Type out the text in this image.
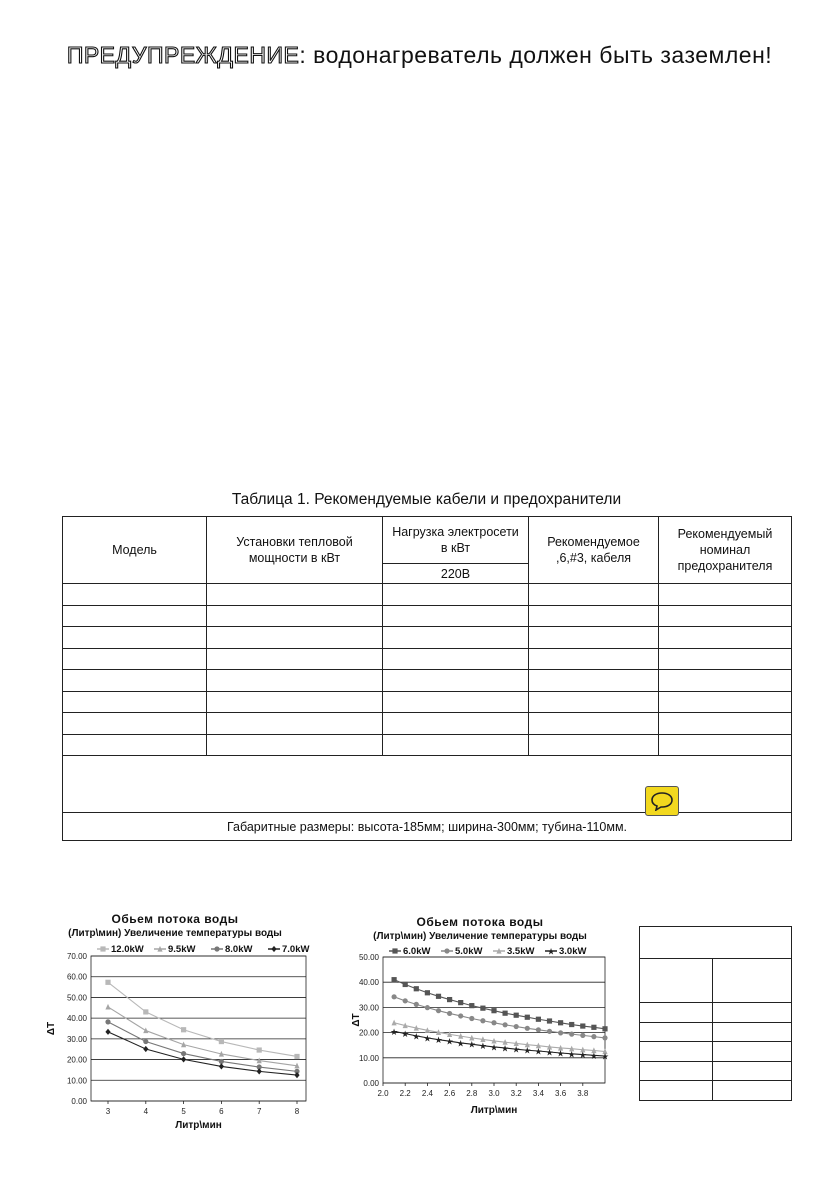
ПРЕДУПРЕЖДЕНИЕ: водонагреватель должен быть заземлен!
Таблица 1. Рекомендуемые кабели и предохранители
Модель	Установки тепловой мощности в кВт	Нагрузка электросети в кВт	Рекомендуемое ,6,#3, кабеля	Рекомендуемый номинал предохранителя

		220В		

Габаритные размеры: высота-185мм; ширина-300мм; тубина-110мм.				
Обьем потока воды
(Литр\мин) Увеличение температуры воды
12.0kW	9.5kW	8.0kW	7.0kW
0.00
10.00
20.00
30.00
40.00
50.00
60.00
70.00
3	4	5	6	7	8
Литр\мин
ΔT
Обьем потока воды
(Литр\мин) Увеличение темпepатуры воды
6.0kW	5.0kW	3.5kW ★ 3.0kW
0.00
10.00
20.00
30.00
40.00
50.00
2.0 2.2 2.4 2.6 2.8 3.0 3.2 3.4 3.6 3.8
Литр\мин
ΔT
★ ★ ★ ★ ★ ★ ★ ★ ★ ★ ★ ★ ★ ★ ★ ★ ★ ★ ★ ★
